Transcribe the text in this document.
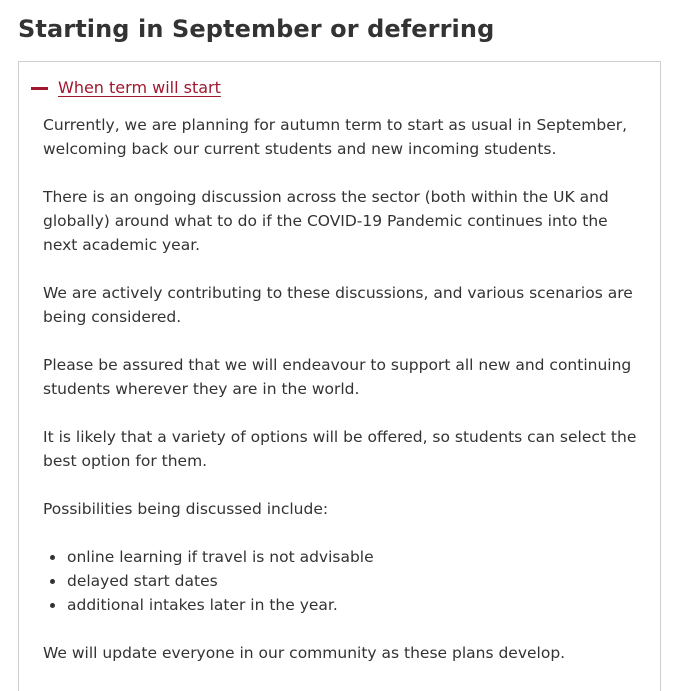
Starting in September or deferring
When term will start

Currently, we are planning for autumn term to start as usual in September, welcoming back our current students and new incoming students.

There is an ongoing discussion across the sector (both within the UK and globally) around what to do if the COVID-19 Pandemic continues into the next academic year.

We are actively contributing to these discussions, and various scenarios are being considered.

Please be assured that we will endeavour to support all new and continuing students wherever they are in the world.

It is likely that a variety of options will be offered, so students can select the best option for them.

Possibilities being discussed include:

online learning if travel is not advisable
delayed start dates
additional intakes later in the year.

We will update everyone in our community as these plans develop.
